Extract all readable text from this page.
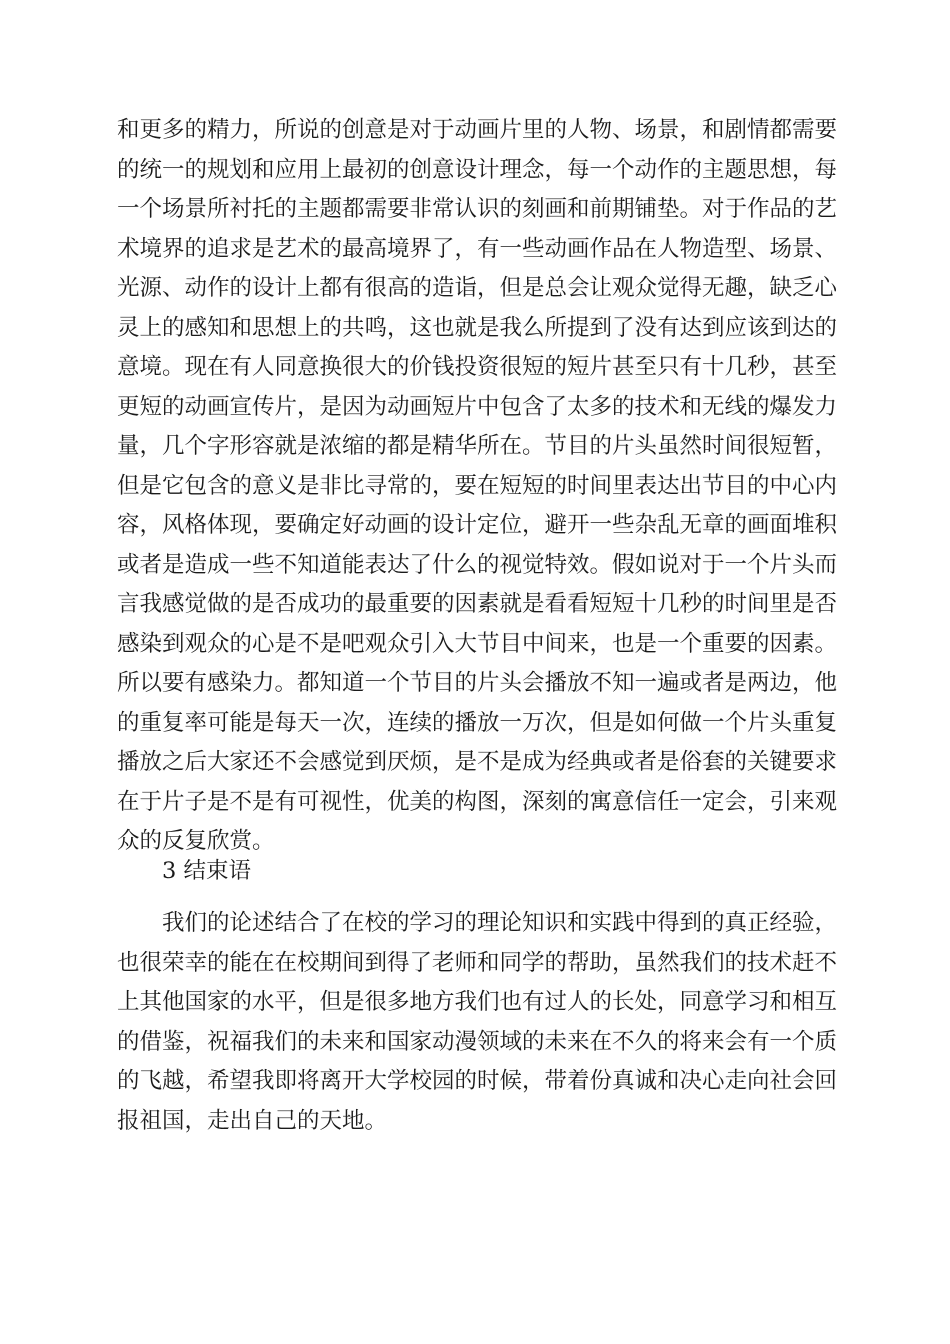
和更多的精力，所说的创意是对于动画片里的人物、场景，和剧情都需要
的统一的规划和应用上最初的创意设计理念，每一个动作的主题思想，每
一个场景所衬托的主题都需要非常认识的刻画和前期铺垫。对于作品的艺
术境界的追求是艺术的最高境界了，有一些动画作品在人物造型、场景、
光源、动作的设计上都有很高的造诣，但是总会让观众觉得无趣，缺乏心
灵上的感知和思想上的共鸣，这也就是我么所提到了没有达到应该到达的
意境。现在有人同意换很大的价钱投资很短的短片甚至只有十几秒，甚至
更短的动画宣传片，是因为动画短片中包含了太多的技术和无线的爆发力
量，几个字形容就是浓缩的都是精华所在。节目的片头虽然时间很短暂，
但是它包含的意义是非比寻常的，要在短短的时间里表达出节目的中心内
容，风格体现，要确定好动画的设计定位，避开一些杂乱无章的画面堆积
或者是造成一些不知道能表达了什么的视觉特效。假如说对于一个片头而
言我感觉做的是否成功的最重要的因素就是看看短短十几秒的时间里是否
感染到观众的心是不是吧观众引入大节目中间来，也是一个重要的因素。
所以要有感染力。都知道一个节目的片头会播放不知一遍或者是两边，他
的重复率可能是每天一次，连续的播放一万次，但是如何做一个片头重复
播放之后大家还不会感觉到厌烦，是不是成为经典或者是俗套的关键要求
在于片子是不是有可视性，优美的构图，深刻的寓意信任一定会，引来观
众的反复欣赏。
3 结束语
我们的论述结合了在校的学习的理论知识和实践中得到的真正经验，
也很荣幸的能在在校期间到得了老师和同学的帮助，虽然我们的技术赶不
上其他国家的水平，但是很多地方我们也有过人的长处，同意学习和相互
的借鉴，祝福我们的未来和国家动漫领域的未来在不久的将来会有一个质
的飞越，希望我即将离开大学校园的时候，带着份真诚和决心走向社会回
报祖国，走出自己的天地。
